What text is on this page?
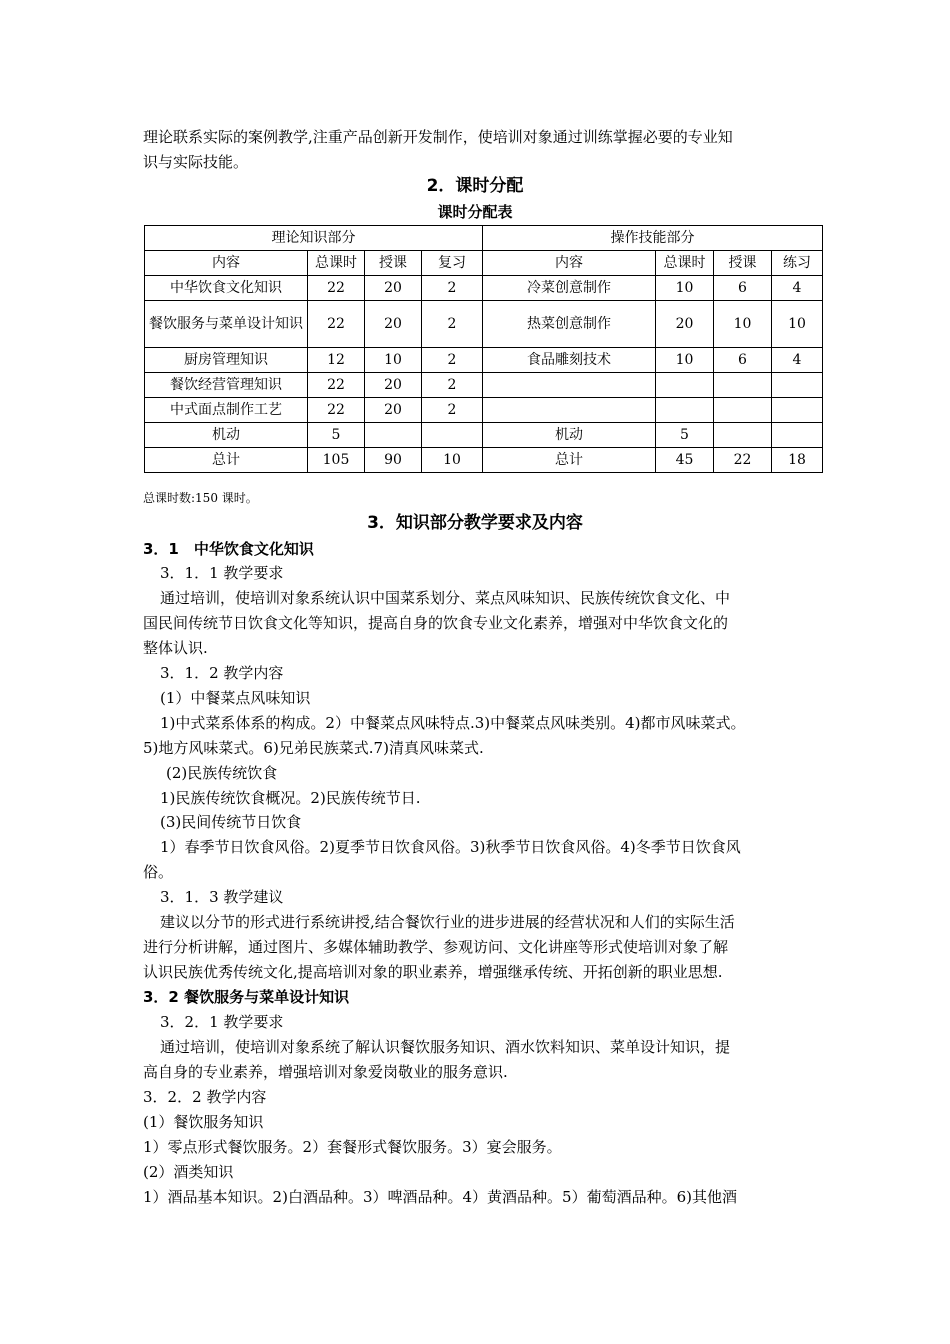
理论联系实际的案例教学,注重产品创新开发制作，使培训对象通过训练掌握必要的专业知
识与实际技能。
2．课时分配
课时分配表
理论知识部分				操作技能部分			
内容	总课时	授课	复习	内容	总课时	授课	练习
中华饮食文化知识	22	20	2	冷菜创意制作	10	6	4
餐饮服务与菜单设计知识	22	20	2	热菜创意制作	20	10	10
厨房管理知识	12	10	2	食品雕刻技术	10	6	4
餐饮经营管理知识	22	20	2				
中式面点制作工艺	22	20	2				
机动	5			机动	5		
总计	105	90	10	总计	45	22	18
总课时数:150 课时。
3．知识部分教学要求及内容
3．1　中华饮食文化知识
3．1．1 教学要求
通过培训，使培训对象系统认识中国菜系划分、菜点风味知识、民族传统饮食文化、中
国民间传统节日饮食文化等知识，提高自身的饮食专业文化素养，增强对中华饮食文化的
整体认识.
3．1．2 教学内容
(1）中餐菜点风味知识
1)中式菜系体系的构成。2）中餐菜点风味特点.3)中餐菜点风味类别。4)都市风味菜式。
5)地方风味菜式。6)兄弟民族菜式.7)清真风味菜式.
(2)民族传统饮食
1)民族传统饮食概况。2)民族传统节日.
(3)民间传统节日饮食
1）春季节日饮食风俗。2)夏季节日饮食风俗。3)秋季节日饮食风俗。4)冬季节日饮食风
俗。
3．1．3 教学建议
建议以分节的形式进行系统讲授,结合餐饮行业的进步进展的经营状况和人们的实际生活
进行分析讲解，通过图片、多媒体辅助教学、参观访问、文化讲座等形式使培训对象了解
认识民族优秀传统文化,提高培训对象的职业素养，增强继承传统、开拓创新的职业思想.
3．2 餐饮服务与菜单设计知识
3．2．1 教学要求
通过培训，使培训对象系统了解认识餐饮服务知识、酒水饮料知识、菜单设计知识，提
高自身的专业素养，增强培训对象爱岗敬业的服务意识.
3．2．2 教学内容
(1）餐饮服务知识
1）零点形式餐饮服务。2）套餐形式餐饮服务。3）宴会服务。
(2）酒类知识
1）酒品基本知识。2)白酒品种。3）啤酒品种。4）黄酒品种。5）葡萄酒品种。6)其他酒
